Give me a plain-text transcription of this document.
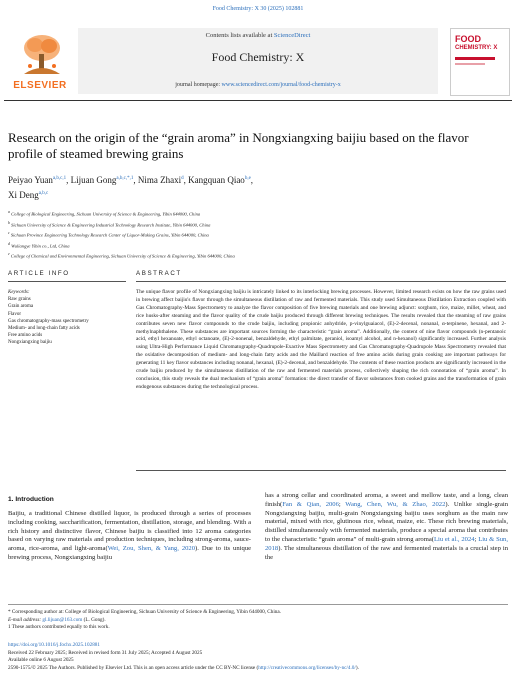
Food Chemistry: X 30 (2025) 102881
ELSEVIER
Contents lists available at ScienceDirect
Food Chemistry: X
journal homepage: www.sciencedirect.com/journal/food-chemistry-x
FOOD
CHEMISTRY: X
Research on the origin of the “grain aroma” in Nongxiangxing baijiu based on the flavor profile of steamed brewing grains
Peiyao Yuan$^{a,b,c,1}$, Lijuan Gong$^{a,b,c,*,1}$, Nima Zhaxi$^d$, Kangquan Qiao$^{b,e}$,
Xi Deng$^{a,b,c}$
$^a$ College of Biological Engineering, Sichuan University of Science & Engineering, Yibin 644000, China
$^b$ Sichuan University of Science & Engineering Industrial Technology Research Institute, Yibin 644000, China
$^c$ Sichuan Province Engineering Technology Research Center of Liquor-Making Grains, Yibin 644000, China
$^d$ Wuliangye Yibin co., Ltd, China
$^e$ College of Chemical and Environmental Engineering, Sichuan University of Science & Engineering, Yibin 644000, China
ARTICLE INFO	ABSTRACT
Keywords:
Raw grains
Grain aroma
Flavor
Gas chromatography-mass spectrometry
Medium- and long-chain fatty acids
Free amino acids
Nongxiangxing baijiu
The unique flavor profile of Nongxiangxing baijiu is intricately linked to its interlocking brewing processes. However, limited research exists on how the raw grains used in brewing affect baijiu's flavor through the simultaneous distillation of raw and fermented materials. This study used Simultaneous Distillation Extraction coupled with Gas Chromatography-Mass Spectrometry to analyze the flavor composition of five brewing materials and one brewing adjunct: sorghum, rice, maize, millet, wheat, and rice husks-after steaming and the flavor quality of the crude baijiu produced through different brewing techniques. The results revealed that the steaming of raw grains contributes seven new flavor compounds to the crude baijiu, including propionic anhydride, p-vinylguaiacol, (E)-2-decenal, nonanal, α-terpinene, hexanal, and 2-methylnaphthalene. These substances are important sources forming the characteristic “grain aroma”. Additionally, the content of nine flavor compounds (n-pentanoic acid, ethyl hexanoate, ethyl octanoate, (E)-2-nonenal, benzaldehyde, ethyl palmitate, geraniol, isoamyl alcohol, and n-hexanol) significantly increased. Further analysis using Ultra-High Performance Liquid Chromatography-Quadrupole-Exactive Mass Spectrometry and Gas Chromatography-Quadrupole Mass Spectrometry revealed that the oxidative decomposition of medium- and long-chain fatty acids and the Maillard reaction of free amino acids during grain cooking are important pathways for generating 11 key flavor substances including nonanal, hexanal, (E)-2-decenal, and benzaldehyde. The contents of these reaction products are significantly increased in the crude baijiu produced by the simultaneous distillation of the raw and fermented materials process, collectively shaping the rich connotation of “grain aroma”. In conclusion, this study reveals the dual mechanism of “grain aroma” formation: the direct transfer of flavor substances from cooked grains and the transformation of grain endogenous substances during the technological process.
1. Introduction
Baijiu, a traditional Chinese distilled liquor, is produced through a series of processes including cooking, saccharification, fermentation, distillation, storage, and blending. With a rich history and distinctive flavor, Chinese baijiu is classified into 12 aroma categories based on varying raw materials and production techniques, including strong-aroma, sauce-aroma, rice-aroma, and light-aroma(Wei, Zou, Shen, & Yang, 2020). Due to its unique brewing process, Nongxiangxing baijiu
has a strong cellar and coordinated aroma, a sweet and mellow taste, and a long, clean finish(Fan & Qian, 2006; Wang, Chen, Wu, & Zhao, 2022). Unlike single-grain Nongxiangxing baijiu, multi-grain Nongxiangxing baijiu uses sorghum as the main raw material, mixed with rice, glutinous rice, wheat, maize, etc. These rich brewing materials, distilled simultaneously with fermented materials, produce a special aroma that contributes to the characteristic “grain aroma” of multi-grain strong aroma(Liu et al., 2024; Liu & Sun, 2018). The simultaneous distillation of the raw and fermented materials is a crucial step in the
* Corresponding author at: College of Biological Engineering, Sichuan University of Science & Engineering, Yibin 644000, China.
E-mail address: gl.lijuan@163.com (L. Gong).
1 These authors contributed equally to this work.
https://doi.org/10.1016/j.fochx.2025.102881
Received 22 February 2025; Received in revised form 31 July 2025; Accepted 4 August 2025
Available online 6 August 2025
2590-1575/© 2025 The Authors. Published by Elsevier Ltd. This is an open access article under the CC BY-NC license (http://creativecommons.org/licenses/by-nc/4.0/).
